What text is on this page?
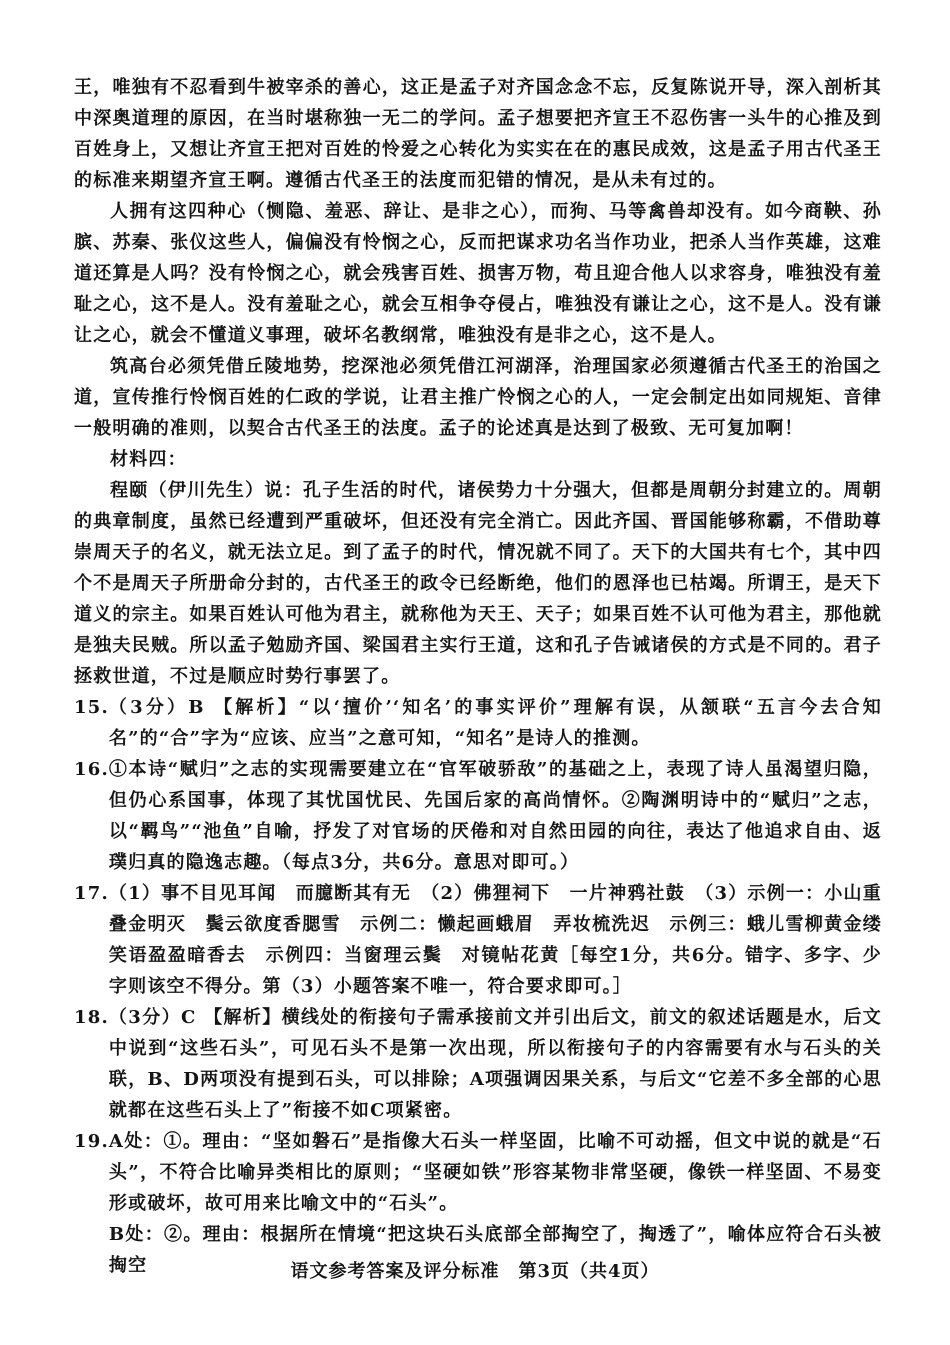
王，唯独有不忍看到牛被宰杀的善心，这正是孟子对齐国念念不忘，反复陈说开导，深入剖析其中深奥道理的原因，在当时堪称独一无二的学问。孟子想要把齐宣王不忍伤害一头牛的心推及到百姓身上，又想让齐宣王把对百姓的怜爱之心转化为实实在在的惠民成效，这是孟子用古代圣王的标准来期望齐宣王啊。遵循古代圣王的法度而犯错的情况，是从未有过的。

人拥有这四种心（恻隐、羞恶、辞让、是非之心），而狗、马等禽兽却没有。如今商鞅、孙膑、苏秦、张仪这些人，偏偏没有怜悯之心，反而把谋求功名当作功业，把杀人当作英雄，这难道还算是人吗？没有怜悯之心，就会残害百姓、损害万物，苟且迎合他人以求容身，唯独没有羞耻之心，这不是人。没有羞耻之心，就会互相争夺侵占，唯独没有谦让之心，这不是人。没有谦让之心，就会不懂道义事理，破坏名教纲常，唯独没有是非之心，这不是人。

筑高台必须凭借丘陵地势，挖深池必须凭借江河湖泽，治理国家必须遵循古代圣王的治国之道，宣传推行怜悯百姓的仁政的学说，让君主推广怜悯之心的人，一定会制定出如同规矩、音律一般明确的准则，以契合古代圣王的法度。孟子的论述真是达到了极致、无可复加啊！

材料四：

程颐（伊川先生）说：孔子生活的时代，诸侯势力十分强大，但都是周朝分封建立的。周朝的典章制度，虽然已经遭到严重破坏，但还没有完全消亡。因此齐国、晋国能够称霸，不借助尊崇周天子的名义，就无法立足。到了孟子的时代，情况就不同了。天下的大国共有七个，其中四个不是周天子所册命分封的，古代圣王的政令已经断绝，他们的恩泽也已枯竭。所谓王，是天下道义的宗主。如果百姓认可他为君主，就称他为天王、天子；如果百姓不认可他为君主，那他就是独夫民贼。所以孟子勉励齐国、梁国君主实行王道，这和孔子告诫诸侯的方式是不同的。君子拯救世道，不过是顺应时势行事罢了。

15. （3分）B 【解析】“以‘擅价’‘知名’的事实评价”理解有误，从颔联“五言今去合知名”的“合”字为“应该、应当”之意可知，“知名”是诗人的推测。

16. ①本诗“赋归”之志的实现需要建立在“官军破骄敌”的基础之上，表现了诗人虽渴望归隐，但仍心系国事，体现了其忧国忧民、先国后家的高尚情怀。②陶渊明诗中的“赋归”之志，以“羁鸟”“池鱼”自喻，抒发了对官场的厌倦和对自然田园的向往，表达了他追求自由、返璞归真的隐逸志趣。（每点3分，共6分。意思对即可。）

17. （1）事不目见耳闻　而臆断其有无　（2）佛狸祠下　一片神鸦社鼓　（3）示例一：小山重叠金明灭　鬓云欲度香腮雪　示例二：懒起画蛾眉　弄妆梳洗迟　示例三：蛾儿雪柳黄金缕　笑语盈盈暗香去　示例四：当窗理云鬓　对镜帖花黄［每空1分，共6分。错字、多字、少字则该空不得分。第（3）小题答案不唯一，符合要求即可。］

18. （3分）C 【解析】横线处的衔接句子需承接前文并引出后文，前文的叙述话题是水，后文中说到“这些石头”，可见石头不是第一次出现，所以衔接句子的内容需要有水与石头的关联，B、D两项没有提到石头，可以排除；A项强调因果关系，与后文“它差不多全部的心思就都在这些石头上了”衔接不如C项紧密。

19. A处：①。理由：“坚如磐石”是指像大石头一样坚固，比喻不可动摇，但文中说的就是“石头”，不符合比喻异类相比的原则；“坚硬如铁”形容某物非常坚硬，像铁一样坚固、不易变形或破坏，故可用来比喻文中的“石头”。

B处：②。理由：根据所在情境“把这块石头底部全部掏空了，掏透了”，喻体应符合石头被掏空	语文参考答案及评分标准　第3页（共4页）
